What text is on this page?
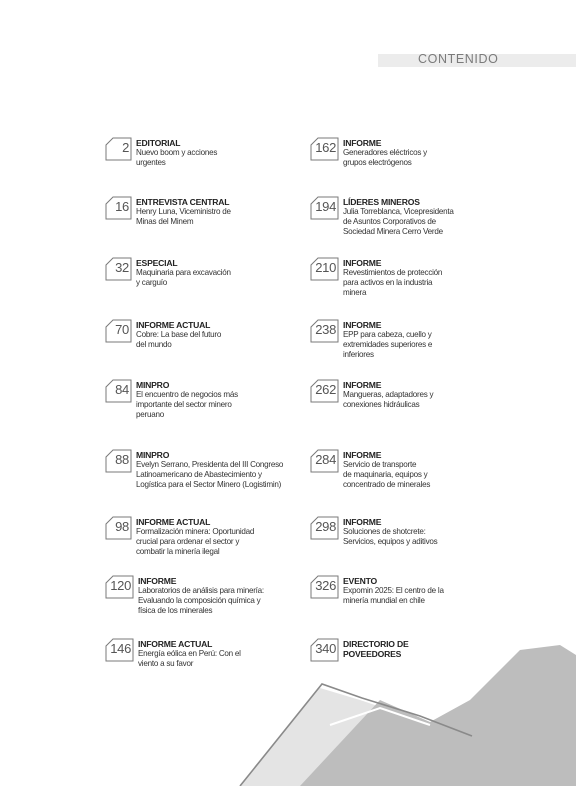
CONTENIDO
2 EDITORIAL
Nuevo boom y acciones
urgentes
16 ENTREVISTA CENTRAL
Henry Luna, Viceministro de
Minas del Minem
32 ESPECIAL
Maquinaria para excavación
y carguío
70 INFORME ACTUAL
Cobre: La base del futuro
del mundo
84 MINPRO
El encuentro de negocios más
importante del sector minero
peruano
88 MINPRO
Evelyn Serrano, Presidenta del III Congreso
Latinoamericano de Abastecimiento y
Logística para el Sector Minero (Logistimin)
98 INFORME ACTUAL
Formalización minera: Oportunidad
crucial para ordenar el sector y
combatir la minería ilegal
120 INFORME
Laboratorios de análisis para minería:
Evaluando la composición química y
física de los minerales
146 INFORME ACTUAL
Energía eólica en Perú: Con el
viento a su favor
162 INFORME
Generadores eléctricos y
grupos electrógenos
194 LÍDERES MINEROS
Julia Torreblanca, Vicepresidenta
de Asuntos Corporativos de
Sociedad Minera Cerro Verde
210 INFORME
Revestimientos de protección
para activos en la industria
minera
238 INFORME
EPP para cabeza, cuello y
extremidades superiores e
inferiores
262 INFORME
Mangueras, adaptadores y
conexiones hidráulicas
284 INFORME
Servicio de transporte
de maquinaria, equipos y
concentrado de minerales
298 INFORME
Soluciones de shotcrete:
Servicios, equipos y aditivos
326 EVENTO
Expomin 2025: El centro de la
minería mundial en chile
340 DIRECTORIO DE POVEEDORES
